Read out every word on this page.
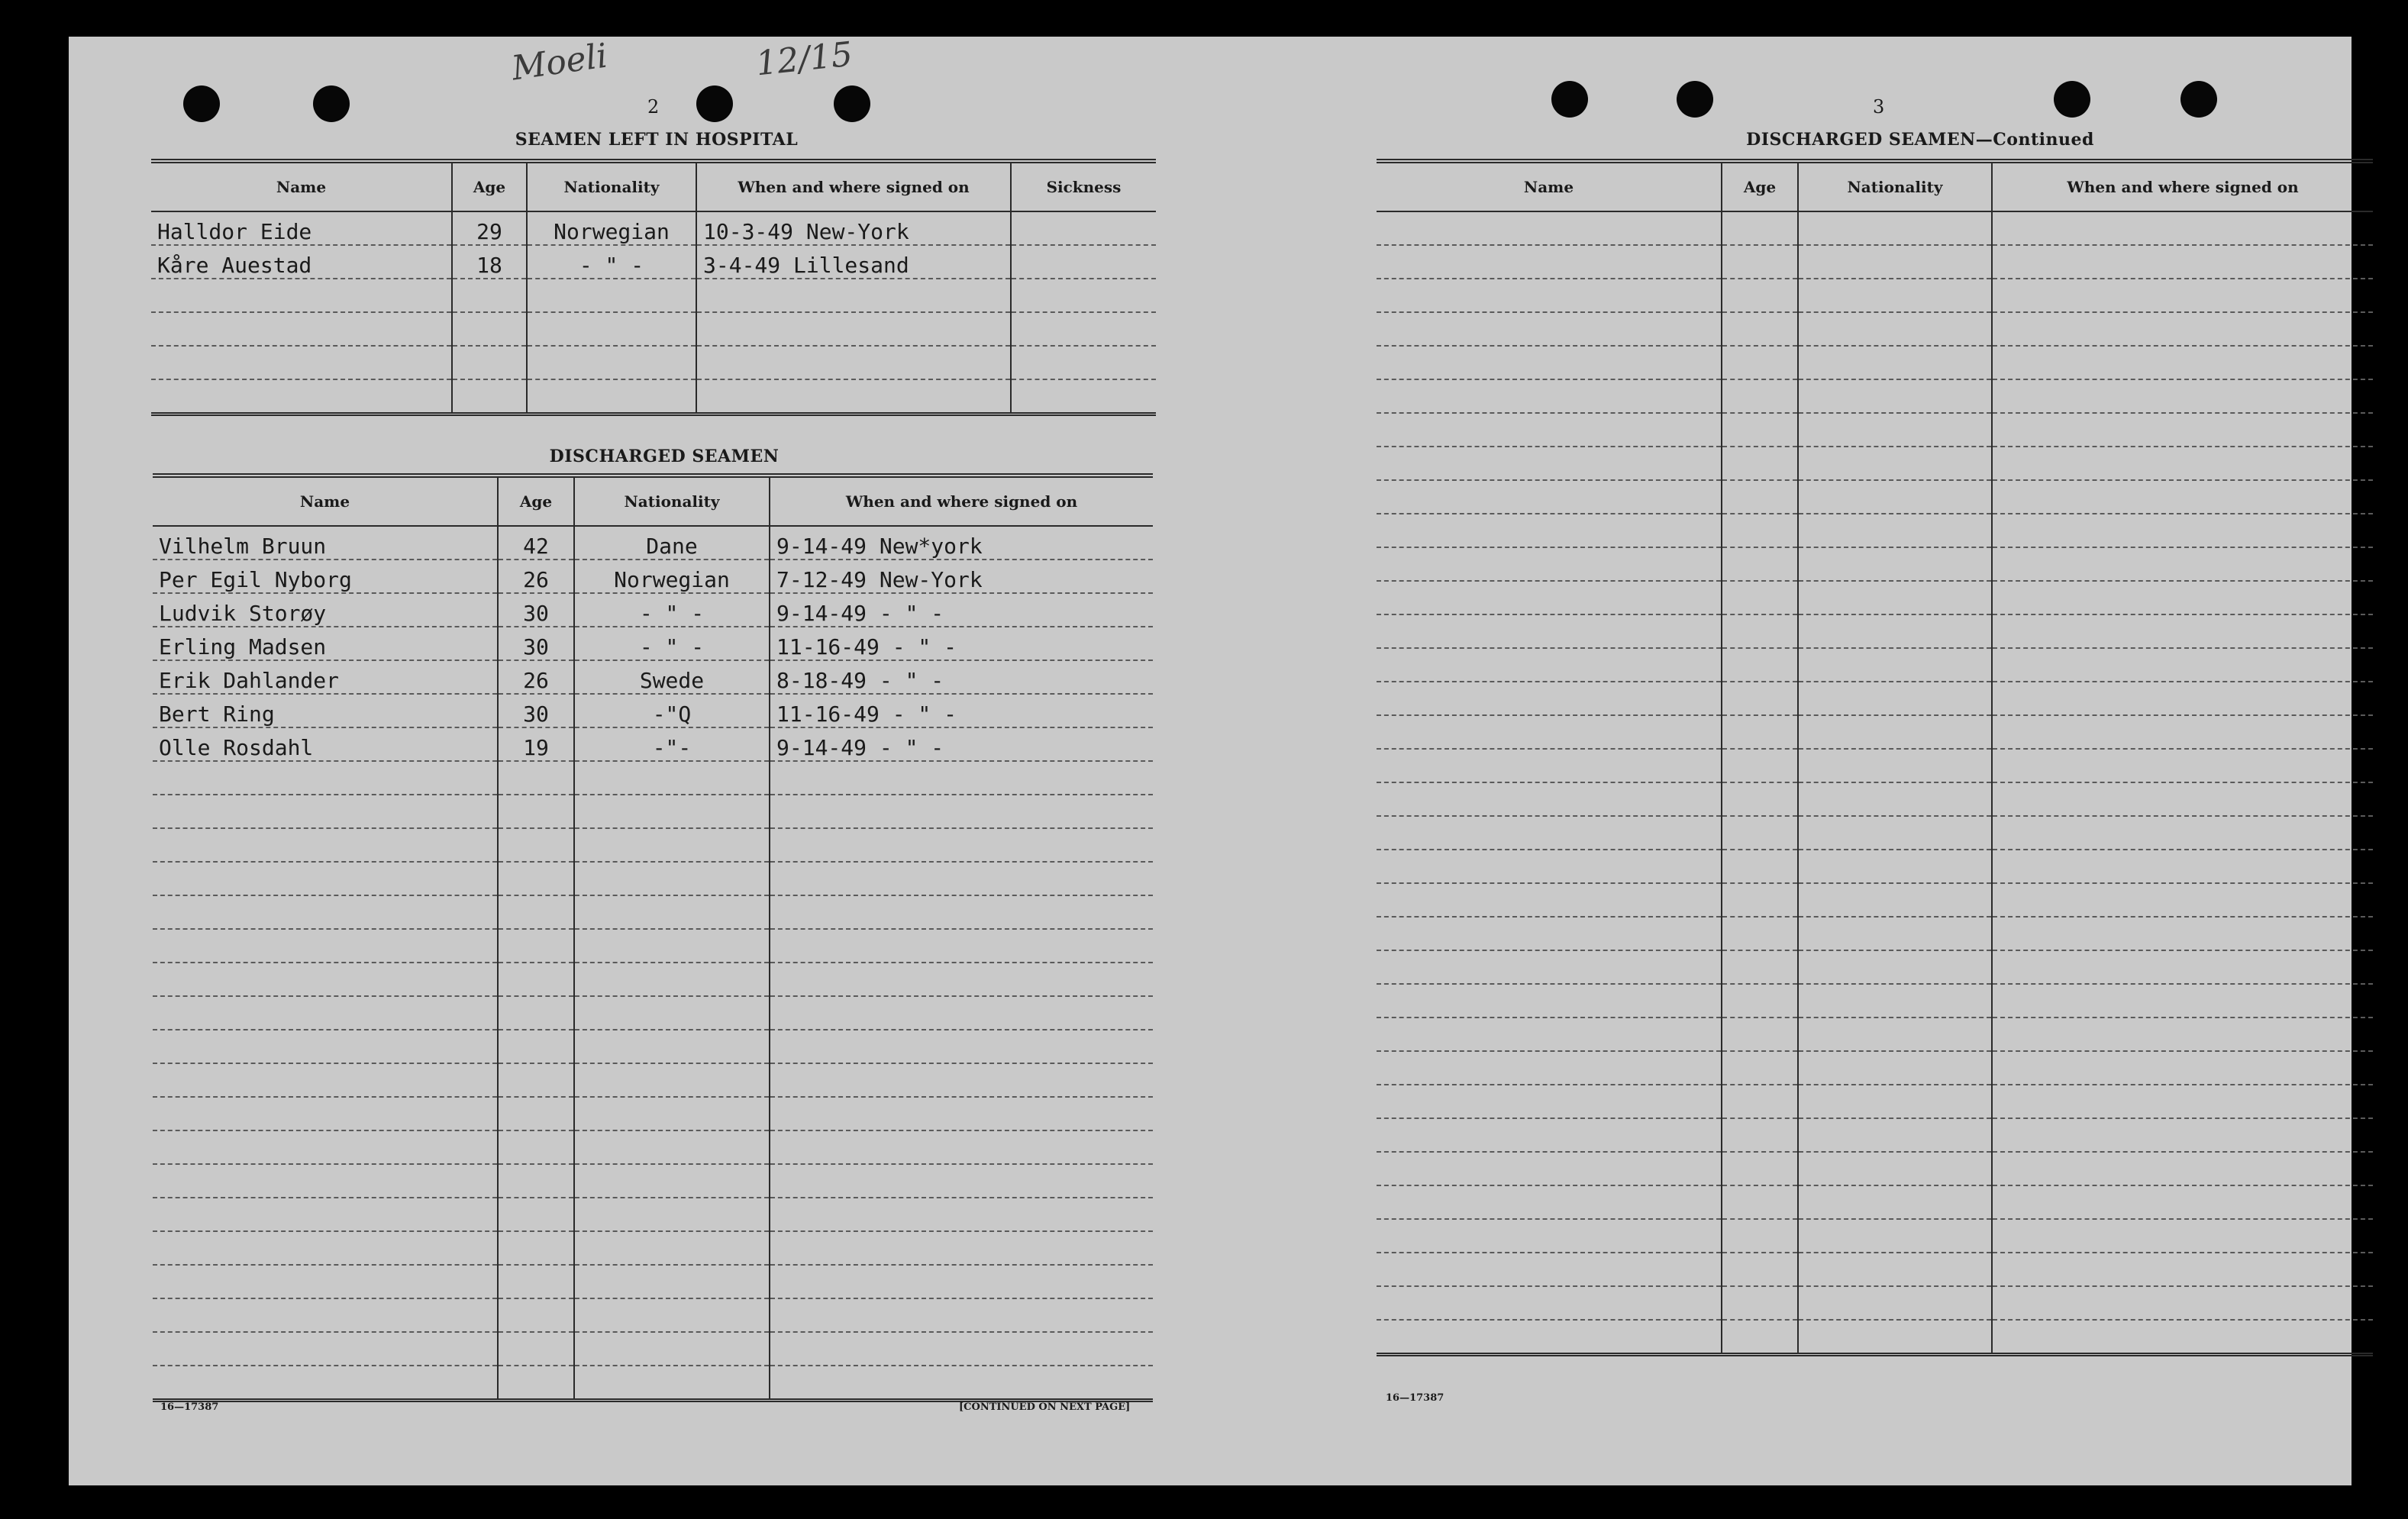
Moeli	12/15
2
SEAMEN LEFT IN HOSPITAL
Name	Age	Nationality	When and where signed on	Sickness
Halldor Eide	29	Norwegian	10-3-49 New-York	
Kåre Auestad	18	- " -	3-4-49 Lillesand	

DISCHARGED SEAMEN
Name	Age	Nationality	When and where signed on
Vilhelm Bruun	42	Dane	9-14-49 New*york
Per Egil Nyborg	26	Norwegian	7-12-49 New-York
Ludvik Storøy	30	- " -	9-14-49 - " -
Erling Madsen	30	- " -	11-16-49 - " -
Erik Dahlander	26	Swede	8-18-49 - " -
Bert Ring	30	-"Q	11-16-49 - " -
Olle Rosdahl	19	-"-	9-14-49 - " -

16—17387	[CONTINUED ON NEXT PAGE]
3
DISCHARGED SEAMEN—Continued
Name	Age	Nationality	When and where signed on

16—17387
